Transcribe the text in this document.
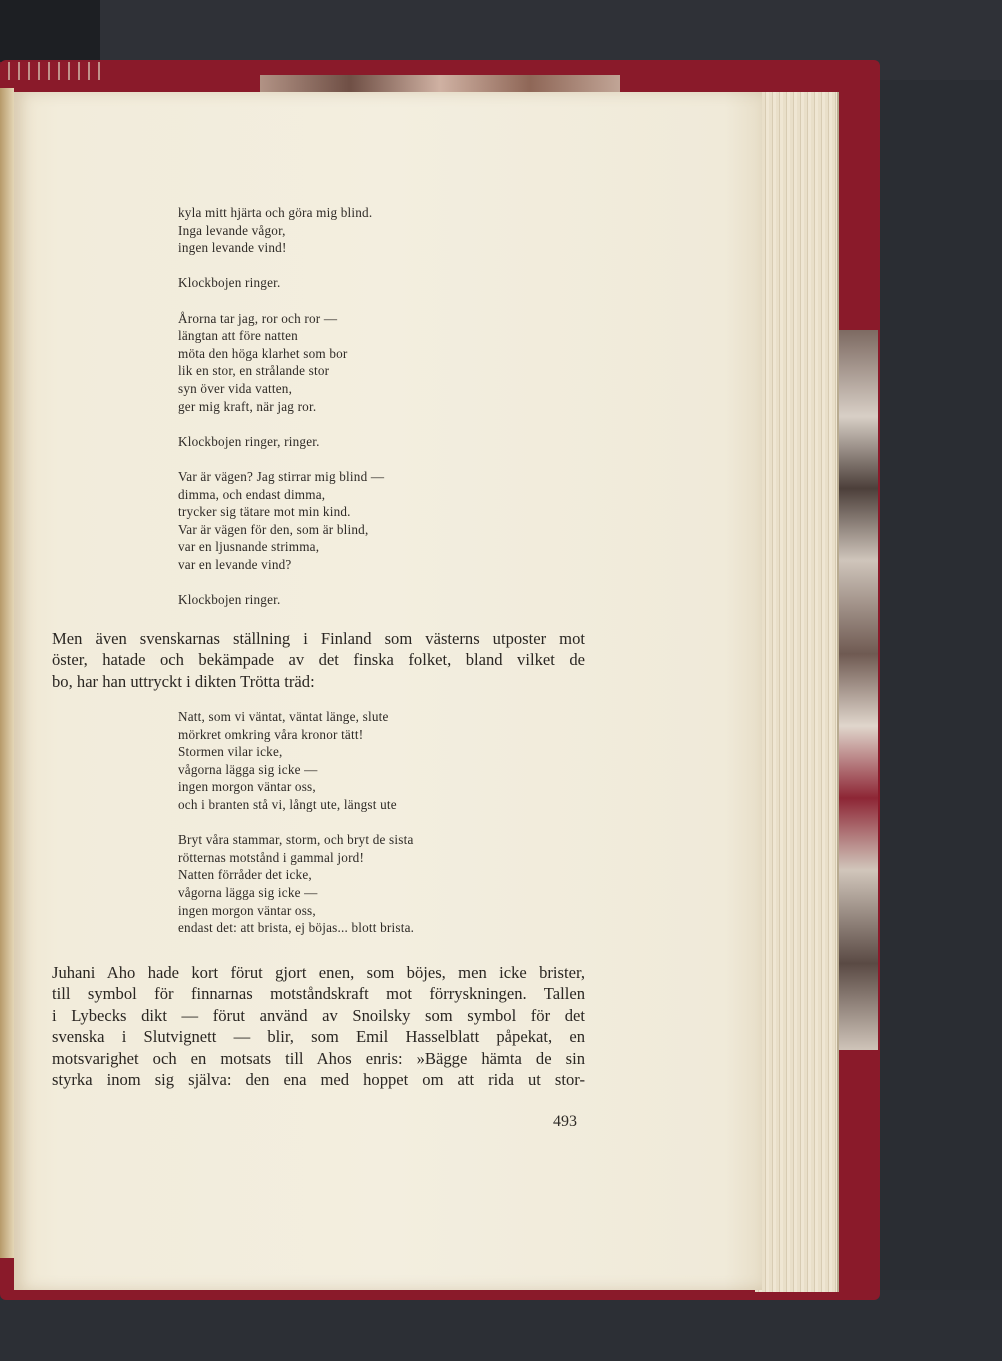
kyla mitt hjärta och göra mig blind.
Inga levande vågor,
ingen levande vind!
Klockbojen ringer.
Årorna tar jag, ror och ror —
längtan att före natten
möta den höga klarhet som bor
lik en stor, en strålande stor
syn över vida vatten,
ger mig kraft, när jag ror.
Klockbojen ringer, ringer.
Var är vägen? Jag stirrar mig blind —
dimma, och endast dimma,
trycker sig tätare mot min kind.
Var är vägen för den, som är blind,
var en ljusnande strimma,
var en levande vind?
Klockbojen ringer.
Men även svenskarnas ställning i Finland som västerns utposter mot
öster, hatade och bekämpade av det finska folket, bland vilket de
bo, har han uttryckt i dikten Trötta träd:
Natt, som vi väntat, väntat länge, slute
mörkret omkring våra kronor tätt!
Stormen vilar icke,
vågorna lägga sig icke —
ingen morgon väntar oss,
och i branten stå vi, långt ute, längst ute
Bryt våra stammar, storm, och bryt de sista
rötternas motstånd i gammal jord!
Natten förråder det icke,
vågorna lägga sig icke —
ingen morgon väntar oss,
endast det: att brista, ej böjas... blott brista.
Juhani Aho hade kort förut gjort enen, som böjes, men icke brister,
till symbol för finnarnas motståndskraft mot förryskningen. Tallen
i Lybecks dikt — förut använd av Snoilsky som symbol för det
svenska i Slutvignett — blir, som Emil Hasselblatt påpekat, en
motsvarighet och en motsats till Ahos enris: »Bägge hämta de sin
styrka inom sig själva: den ena med hoppet om att rida ut stor-
493
